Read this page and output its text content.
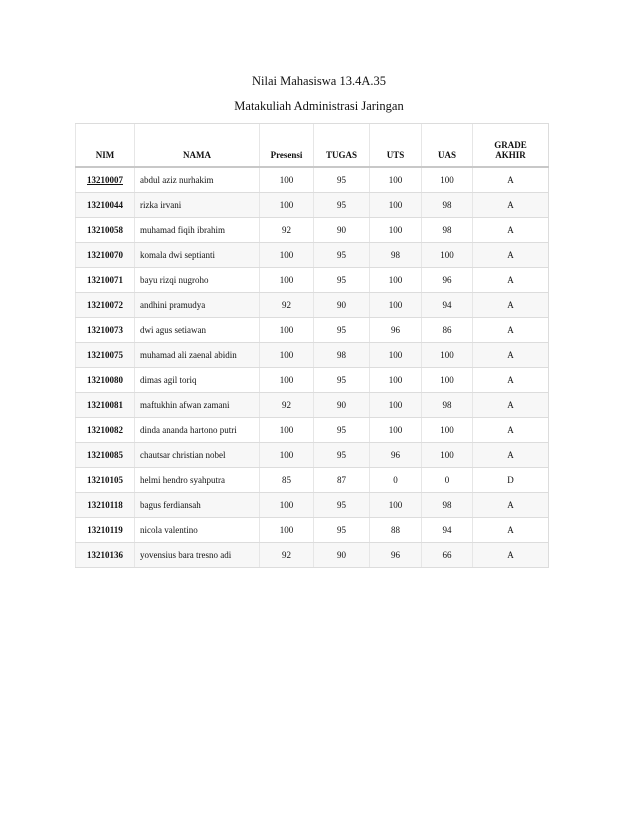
Nilai Mahasiswa 13.4A.35
Matakuliah Administrasi Jaringan
NIM	NAMA	Presensi	TUGAS	UTS	UAS	GRADE
AKHIR
13210007	abdul aziz nurhakim	100	95	100	100	A
13210044	rizka irvani	100	95	100	98	A
13210058	muhamad fiqih ibrahim	92	90	100	98	A
13210070	komala dwi septianti	100	95	98	100	A
13210071	bayu rizqi nugroho	100	95	100	96	A
13210072	andhini pramudya	92	90	100	94	A
13210073	dwi agus setiawan	100	95	96	86	A
13210075	muhamad ali zaenal abidin	100	98	100	100	A
13210080	dimas agil toriq	100	95	100	100	A
13210081	maftukhin afwan zamani	92	90	100	98	A
13210082	dinda ananda hartono putri	100	95	100	100	A
13210085	chautsar christian nobel	100	95	96	100	A
13210105	helmi hendro syahputra	85	87	0	0	D
13210118	bagus ferdiansah	100	95	100	98	A
13210119	nicola valentino	100	95	88	94	A
13210136	yovensius bara tresno adi	92	90	96	66	A
